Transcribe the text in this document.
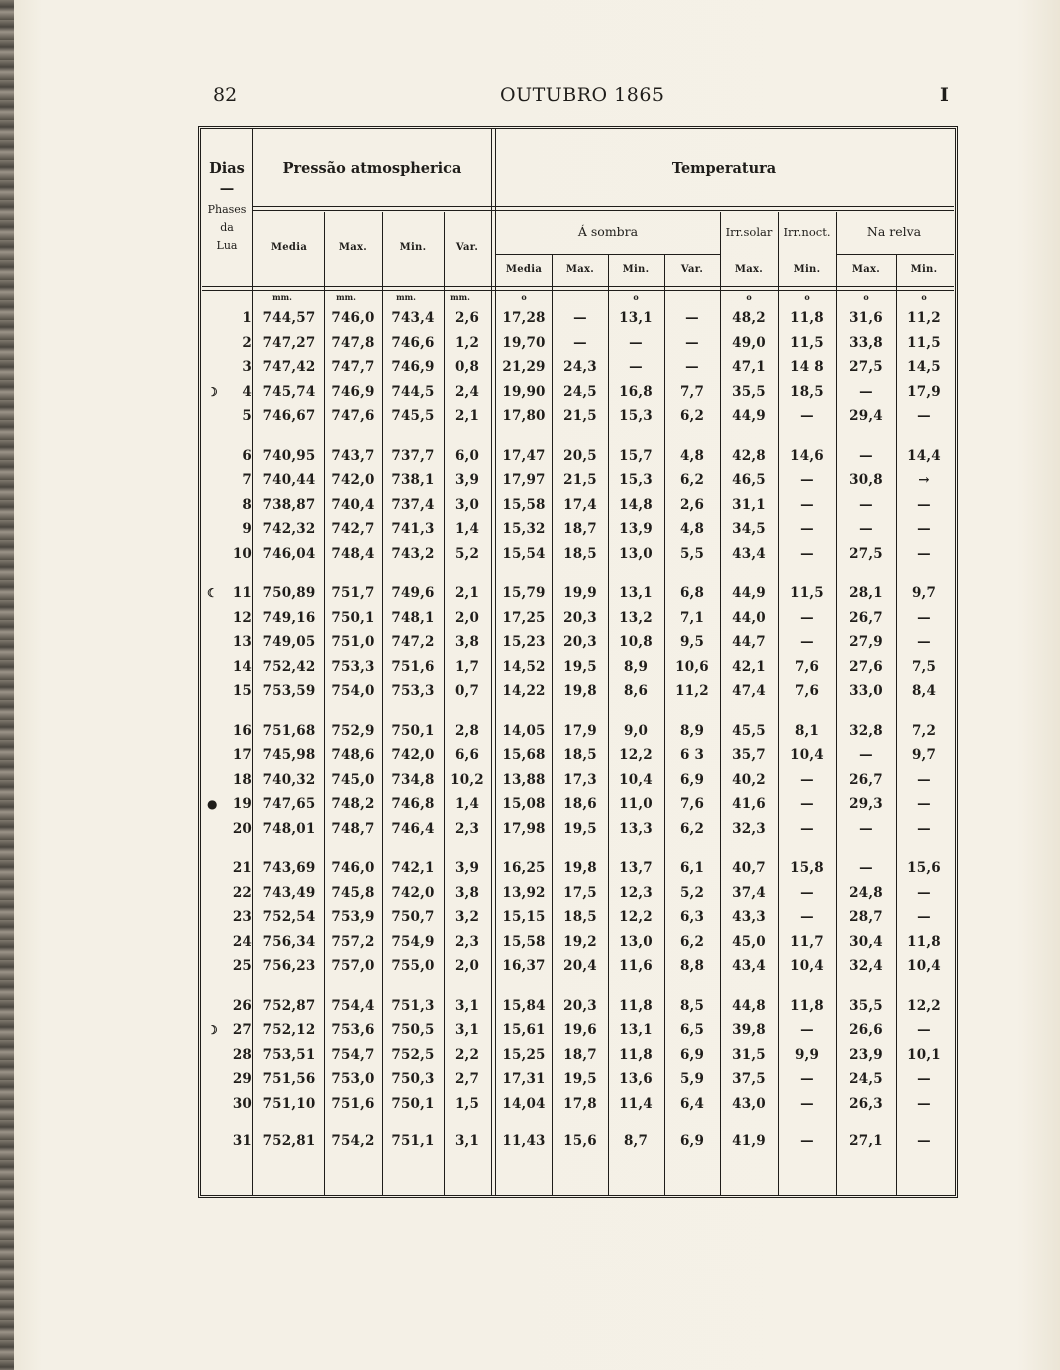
82	OUTUBRO 1865	I
Dias
—
Phases
da
Lua
Pressão atmospherica	Temperatura
Media	Max.	Min.	Var.
Á sombra	Irr.solar Irr.noct.	Na relva
Media	Max.	Min.	Var.	Max.	Min.	Max.	Min.
mm.	mm.	mm.	mm.	o	o	o	o	o	o
1 744,57	746,0	743,4	2,6	17,28	—	13,1	—	48,2	11,8	31,6	11,2
2 747,27	747,8	746,6	1,2	19,70	—	—	—	49,0	11,5	33,8	11,5
3 747,42	747,7	746,9	0,8	21,29	24,3	—	—	47,1	14 8	27,5	14,5
4 745,74	746,9	744,5	2,4	19,90	24,5	16,8	7,7	35,5	18,5	—	17,9
☽
5 746,67	747,6	745,5	2,1	17,80	21,5	15,3	6,2	44,9	—	29,4	—
6 740,95	743,7	737,7	6,0	17,47	20,5	15,7	4,8	42,8	14,6	—	14,4
7 740,44	742,0	738,1	3,9	17,97	21,5	15,3	6,2	46,5	—	30,8	→
8 738,87	740,4	737,4	3,0	15,58	17,4	14,8	2,6	31,1	—	—	—
9 742,32	742,7	741,3	1,4	15,32	18,7	13,9	4,8	34,5	—	—	—
10 746,04	748,4	743,2	5,2	15,54	18,5	13,0	5,5	43,4	—	27,5	—
11 750,89	751,7	749,6	2,1	15,79	19,9	13,1	6,8	44,9	11,5	28,1	9,7
☾
12 749,16	750,1	748,1	2,0	17,25	20,3	13,2	7,1	44,0	—	26,7	—
13 749,05	751,0	747,2	3,8	15,23	20,3	10,8	9,5	44,7	—	27,9	—
14 752,42	753,3	751,6	1,7	14,52	19,5	8,9	10,6	42,1	7,6	27,6	7,5
15 753,59	754,0	753,3	0,7	14,22	19,8	8,6	11,2	47,4	7,6	33,0	8,4
16 751,68	752,9	750,1	2,8	14,05	17,9	9,0	8,9	45,5	8,1	32,8	7,2
17 745,98	748,6	742,0	6,6	15,68	18,5	12,2	6 3	35,7	10,4	—	9,7
18 740,32	745,0	734,8	10,2	13,88	17,3	10,4	6,9	40,2	—	26,7	—
19 747,65	748,2	746,8	1,4	15,08	18,6	11,0	7,6	41,6	—	29,3	—
●
20 748,01	748,7	746,4	2,3	17,98	19,5	13,3	6,2	32,3	—	—	—
21 743,69	746,0	742,1	3,9	16,25	19,8	13,7	6,1	40,7	15,8	—	15,6
22 743,49	745,8	742,0	3,8	13,92	17,5	12,3	5,2	37,4	—	24,8	—
23 752,54	753,9	750,7	3,2	15,15	18,5	12,2	6,3	43,3	—	28,7	—
24 756,34	757,2	754,9	2,3	15,58	19,2	13,0	6,2	45,0	11,7	30,4	11,8
25 756,23	757,0	755,0	2,0	16,37	20,4	11,6	8,8	43,4	10,4	32,4	10,4
26 752,87	754,4	751,3	3,1	15,84	20,3	11,8	8,5	44,8	11,8	35,5	12,2
27 752,12	753,6	750,5	3,1	15,61	19,6	13,1	6,5	39,8	—	26,6	—
☽
28 753,51	754,7	752,5	2,2	15,25	18,7	11,8	6,9	31,5	9,9	23,9	10,1
29 751,56	753,0	750,3	2,7	17,31	19,5	13,6	5,9	37,5	—	24,5	—
30 751,10	751,6	750,1	1,5	14,04	17,8	11,4	6,4	43,0	—	26,3	—
31 752,81	754,2	751,1	3,1	11,43	15,6	8,7	6,9	41,9	—	27,1	—
